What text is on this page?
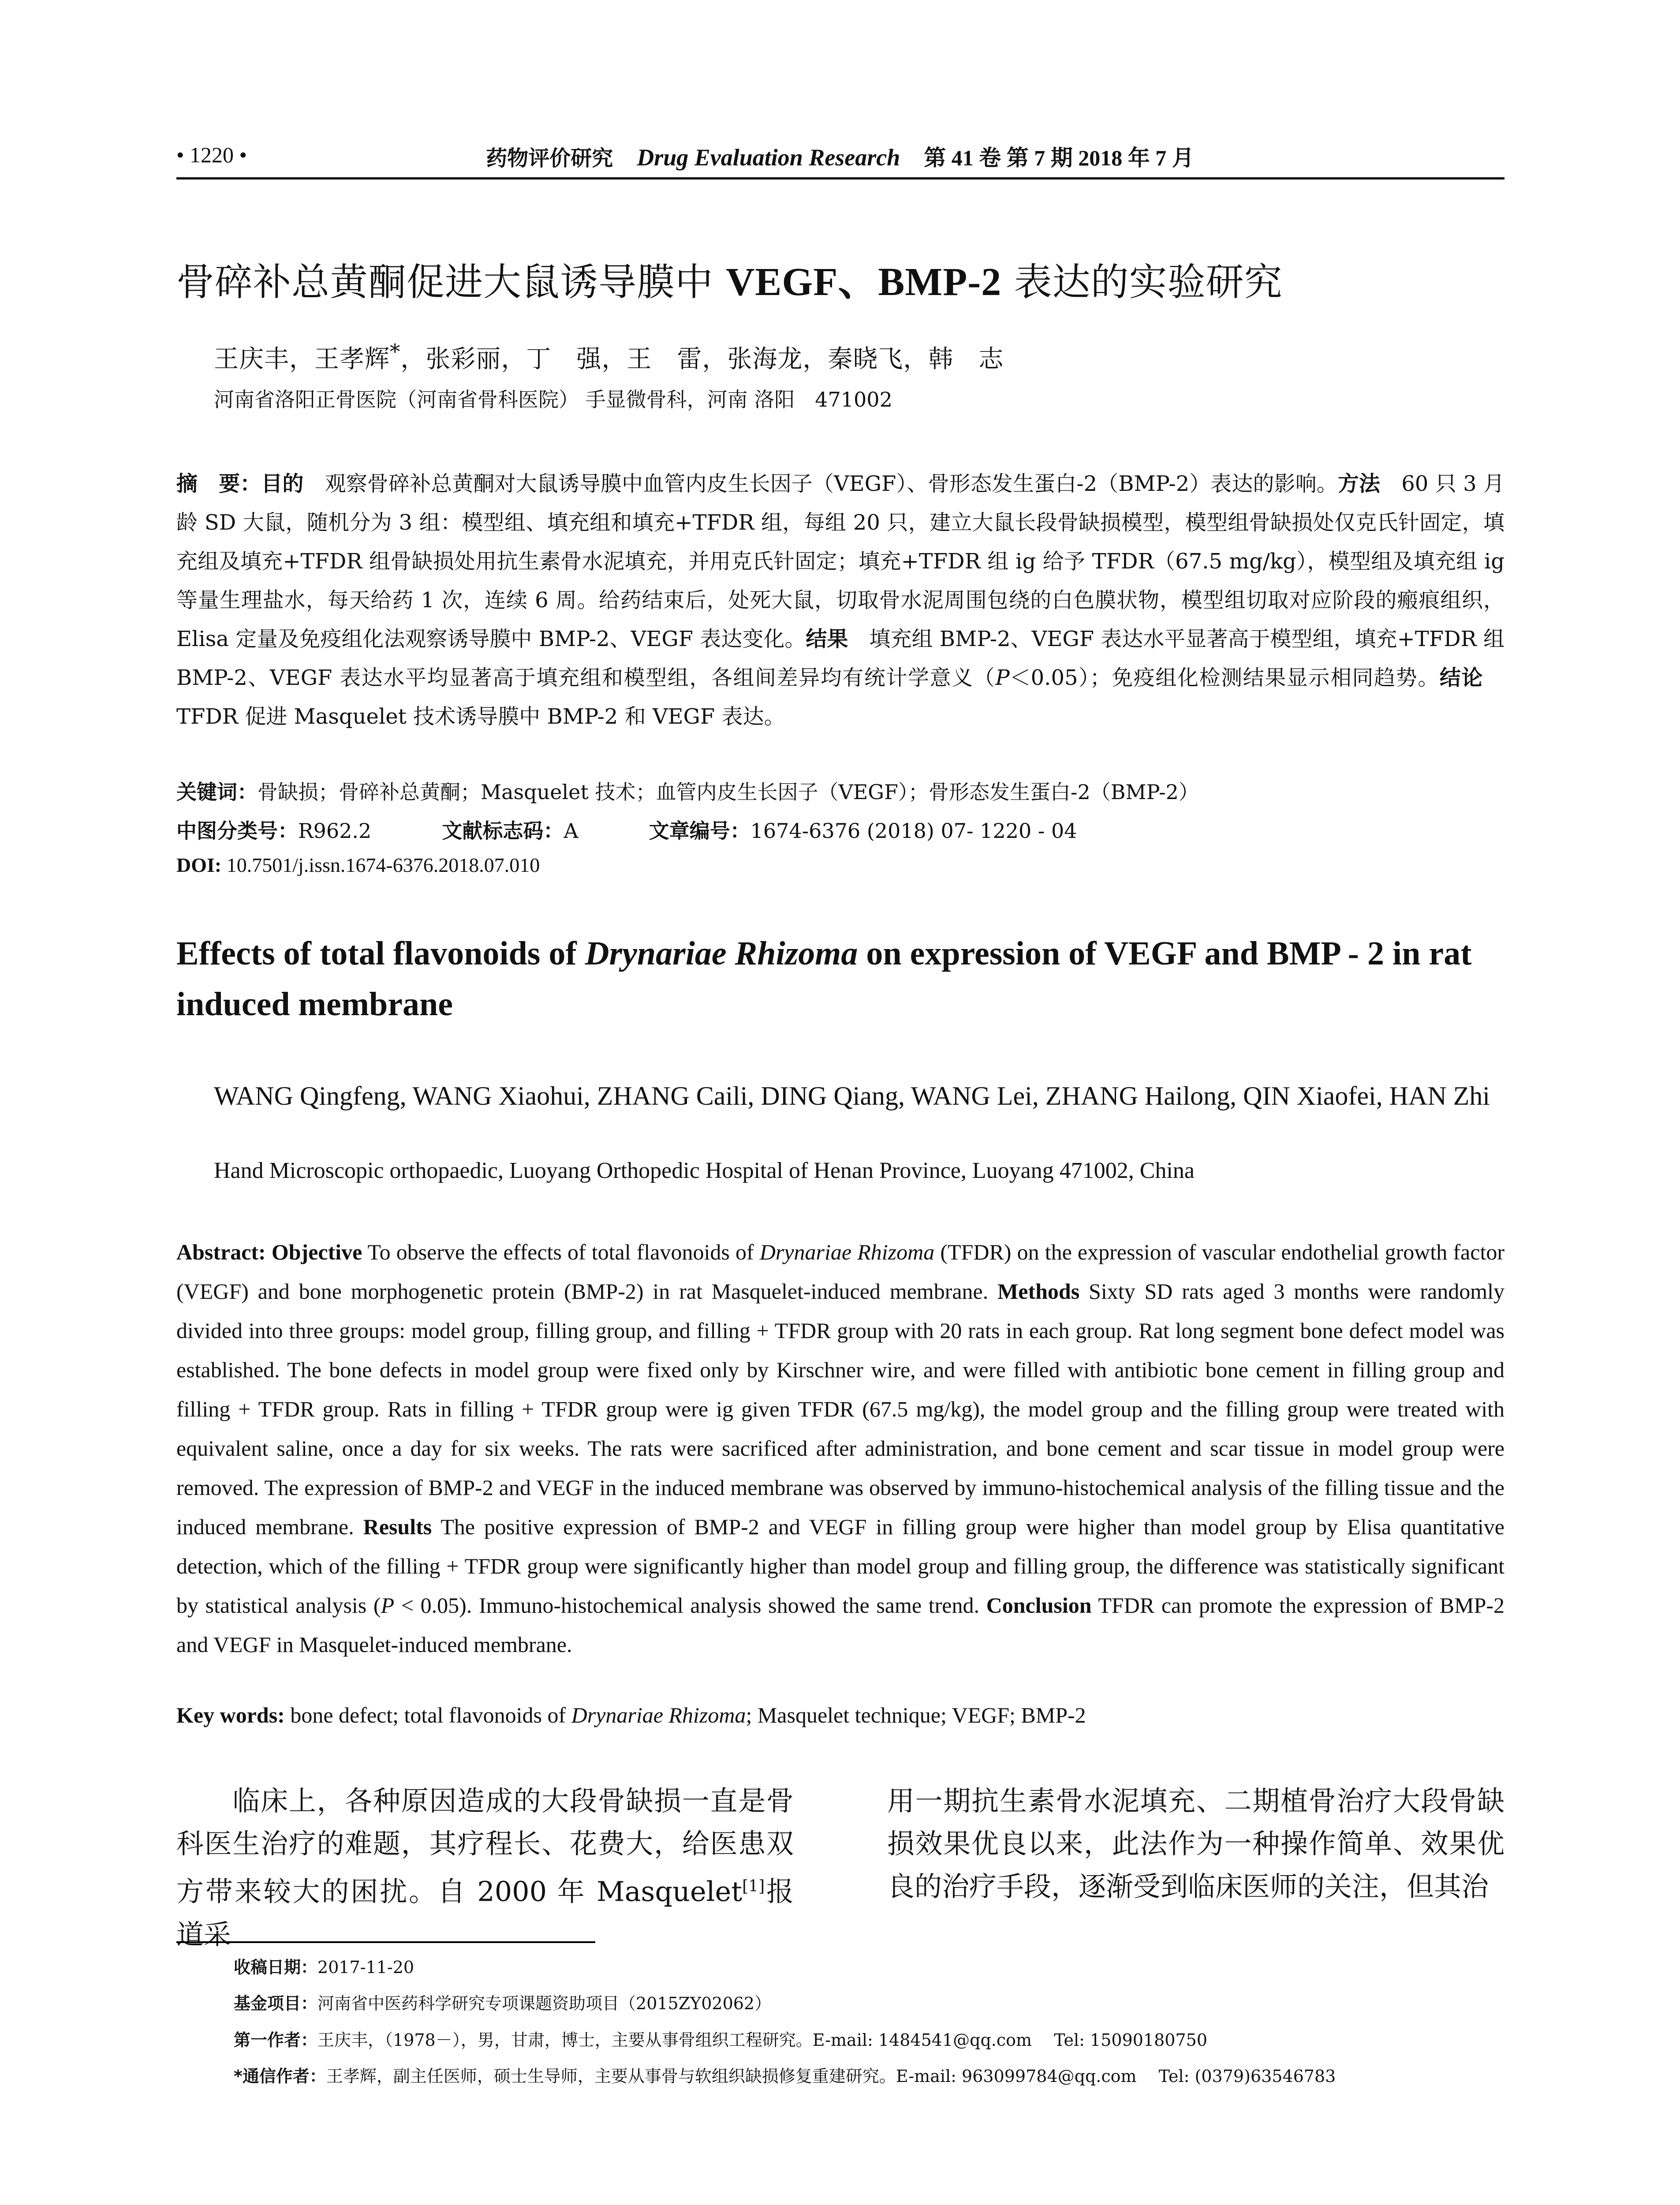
• 1220 •	药物评价研究 Drug Evaluation Research 第 41 卷 第 7 期 2018 年 7 月
骨碎补总黄酮促进大鼠诱导膜中 VEGF、BMP-2 表达的实验研究
王庆丰，王孝辉*，张彩丽，丁　强，王　雷，张海龙，秦晓飞，韩　志
河南省洛阳正骨医院（河南省骨科医院） 手显微骨科，河南 洛阳　471002
摘　要：目的　观察骨碎补总黄酮对大鼠诱导膜中血管内皮生长因子（VEGF）、骨形态发生蛋白-2（BMP-2）表达的影响。方法　60 只 3 月龄 SD 大鼠，随机分为 3 组：模型组、填充组和填充+TFDR 组，每组 20 只，建立大鼠长段骨缺损模型，模型组骨缺损处仅克氏针固定，填充组及填充+TFDR 组骨缺损处用抗生素骨水泥填充，并用克氏针固定；填充+TFDR 组 ig 给予 TFDR（67.5 mg/kg），模型组及填充组 ig 等量生理盐水，每天给药 1 次，连续 6 周。给药结束后，处死大鼠，切取骨水泥周围包绕的白色膜状物，模型组切取对应阶段的瘢痕组织，Elisa 定量及免疫组化法观察诱导膜中 BMP-2、VEGF 表达变化。结果　填充组 BMP-2、VEGF 表达水平显著高于模型组，填充+TFDR 组 BMP-2、VEGF 表达水平均显著高于填充组和模型组，各组间差异均有统计学意义（P＜0.05）；免疫组化检测结果显示相同趋势。结论　TFDR 促进 Masquelet 技术诱导膜中 BMP-2 和 VEGF 表达。
关键词：骨缺损；骨碎补总黄酮；Masquelet 技术；血管内皮生长因子（VEGF）；骨形态发生蛋白-2（BMP-2）
中图分类号：R962.2	文献标志码：A	文章编号：1674-6376 (2018) 07- 1220 - 04
DOI: 10.7501/j.issn.1674-6376.2018.07.010
Effects of total flavonoids of Drynariae Rhizoma on expression of VEGF and BMP - 2 in rat induced membrane
WANG Qingfeng, WANG Xiaohui, ZHANG Caili, DING Qiang, WANG Lei, ZHANG Hailong, QIN Xiaofei, HAN Zhi
Hand Microscopic orthopaedic, Luoyang Orthopedic Hospital of Henan Province, Luoyang 471002, China
Abstract: Objective To observe the effects of total flavonoids of Drynariae Rhizoma (TFDR) on the expression of vascular endothelial growth factor (VEGF) and bone morphogenetic protein (BMP-2) in rat Masquelet-induced membrane. Methods Sixty SD rats aged 3 months were randomly divided into three groups: model group, filling group, and filling + TFDR group with 20 rats in each group. Rat long segment bone defect model was established. The bone defects in model group were fixed only by Kirschner wire, and were filled with antibiotic bone cement in filling group and filling + TFDR group. Rats in filling + TFDR group were ig given TFDR (67.5 mg/kg), the model group and the filling group were treated with equivalent saline, once a day for six weeks. The rats were sacrificed after administration, and bone cement and scar tissue in model group were removed. The expression of BMP-2 and VEGF in the induced membrane was observed by immuno-histochemical analysis of the filling tissue and the induced membrane. Results The positive expression of BMP-2 and VEGF in filling group were higher than model group by Elisa quantitative detection, which of the filling + TFDR group were significantly higher than model group and filling group, the difference was statistically significant by statistical analysis (P < 0.05). Immuno-histochemical analysis showed the same trend. Conclusion TFDR can promote the expression of BMP-2 and VEGF in Masquelet-induced membrane.
Key words: bone defect; total flavonoids of Drynariae Rhizoma; Masquelet technique; VEGF; BMP-2
　　临床上，各种原因造成的大段骨缺损一直是骨科医生治疗的难题，其疗程长、花费大，给医患双方带来较大的困扰。自 2000 年 Masquelet[1]报道采
用一期抗生素骨水泥填充、二期植骨治疗大段骨缺损效果优良以来，此法作为一种操作简单、效果优良的治疗手段，逐渐受到临床医师的关注，但其治
收稿日期：2017-11-20
基金项目：河南省中医药科学研究专项课题资助项目（2015ZY02062）
第一作者：王庆丰，（1978－），男，甘肃，博士，主要从事骨组织工程研究。E-mail: 1484541@qq.com　 Tel: 15090180750
*通信作者：王孝辉，副主任医师，硕士生导师，主要从事骨与软组织缺损修复重建研究。E-mail: 963099784@qq.com　 Tel: (0379)63546783
